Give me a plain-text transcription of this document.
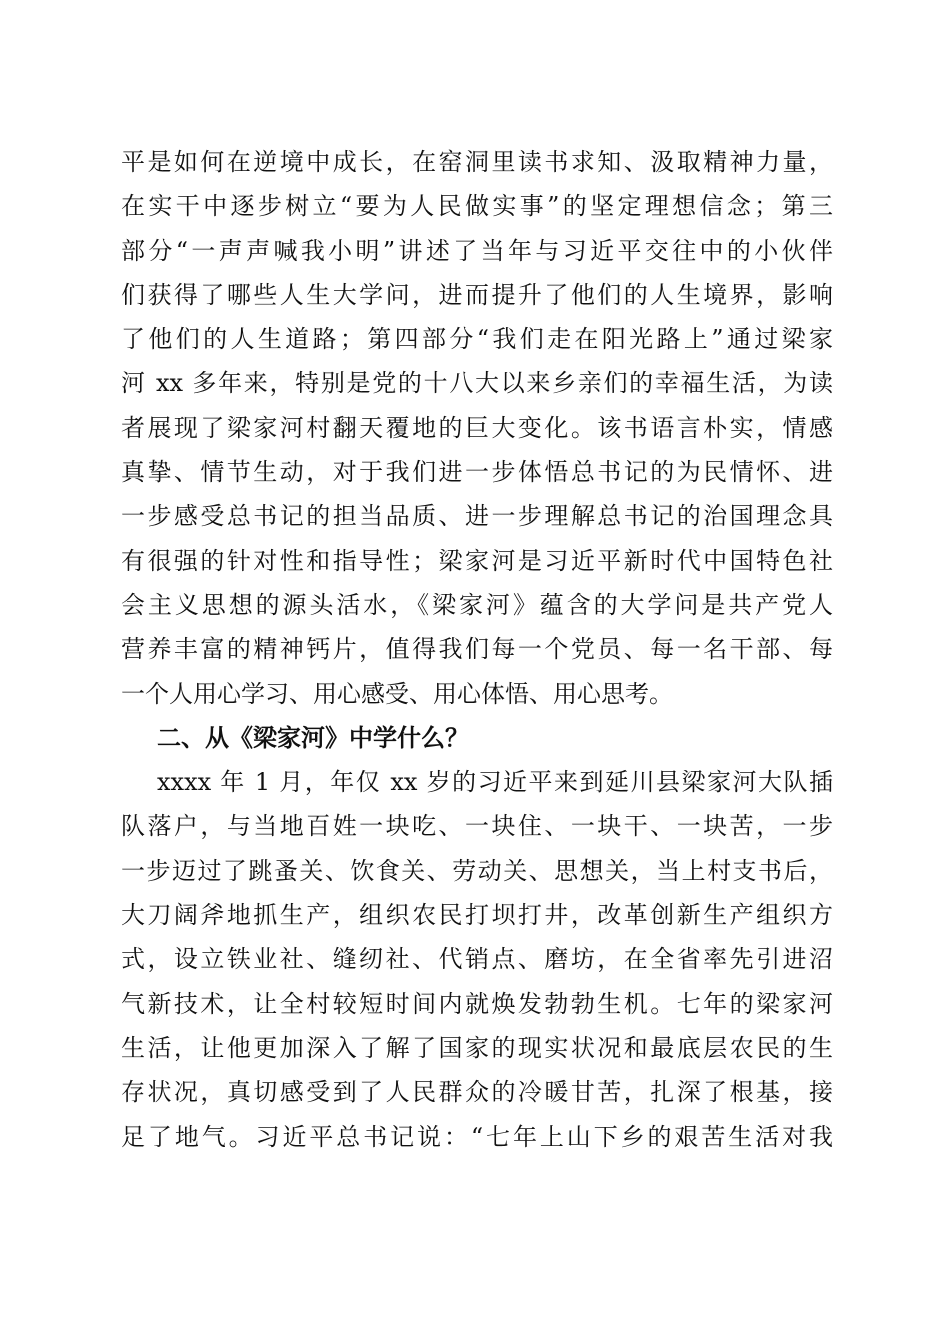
平是如何在逆境中成长，在窑洞里读书求知、汲取精神力量，
在实干中逐步树立“要为人民做实事”的坚定理想信念；第三
部分“一声声喊我小明”讲述了当年与习近平交往中的小伙伴
们获得了哪些人生大学问，进而提升了他们的人生境界，影响
了他们的人生道路；第四部分“我们走在阳光路上”通过梁家
河 xx 多年来，特别是党的十八大以来乡亲们的幸福生活，为读
者展现了梁家河村翻天覆地的巨大变化。该书语言朴实，情感
真挚、情节生动，对于我们进一步体悟总书记的为民情怀、进
一步感受总书记的担当品质、进一步理解总书记的治国理念具
有很强的针对性和指导性；梁家河是习近平新时代中国特色社
会主义思想的源头活水，《梁家河》蕴含的大学问是共产党人
营养丰富的精神钙片，值得我们每一个党员、每一名干部、每
一个人用心学习、用心感受、用心体悟、用心思考。
二、从《梁家河》中学什么？
xxxx 年 1 月，年仅 xx 岁的习近平来到延川县梁家河大队插
队落户，与当地百姓一块吃、一块住、一块干、一块苦，一步
一步迈过了跳蚤关、饮食关、劳动关、思想关，当上村支书后，
大刀阔斧地抓生产，组织农民打坝打井，改革创新生产组织方
式，设立铁业社、缝纫社、代销点、磨坊，在全省率先引进沼
气新技术，让全村较短时间内就焕发勃勃生机。七年的梁家河
生活，让他更加深入了解了国家的现实状况和最底层农民的生
存状况，真切感受到了人民群众的冷暖甘苦，扎深了根基，接
足了地气。习近平总书记说：“七年上山下乡的艰苦生活对我
